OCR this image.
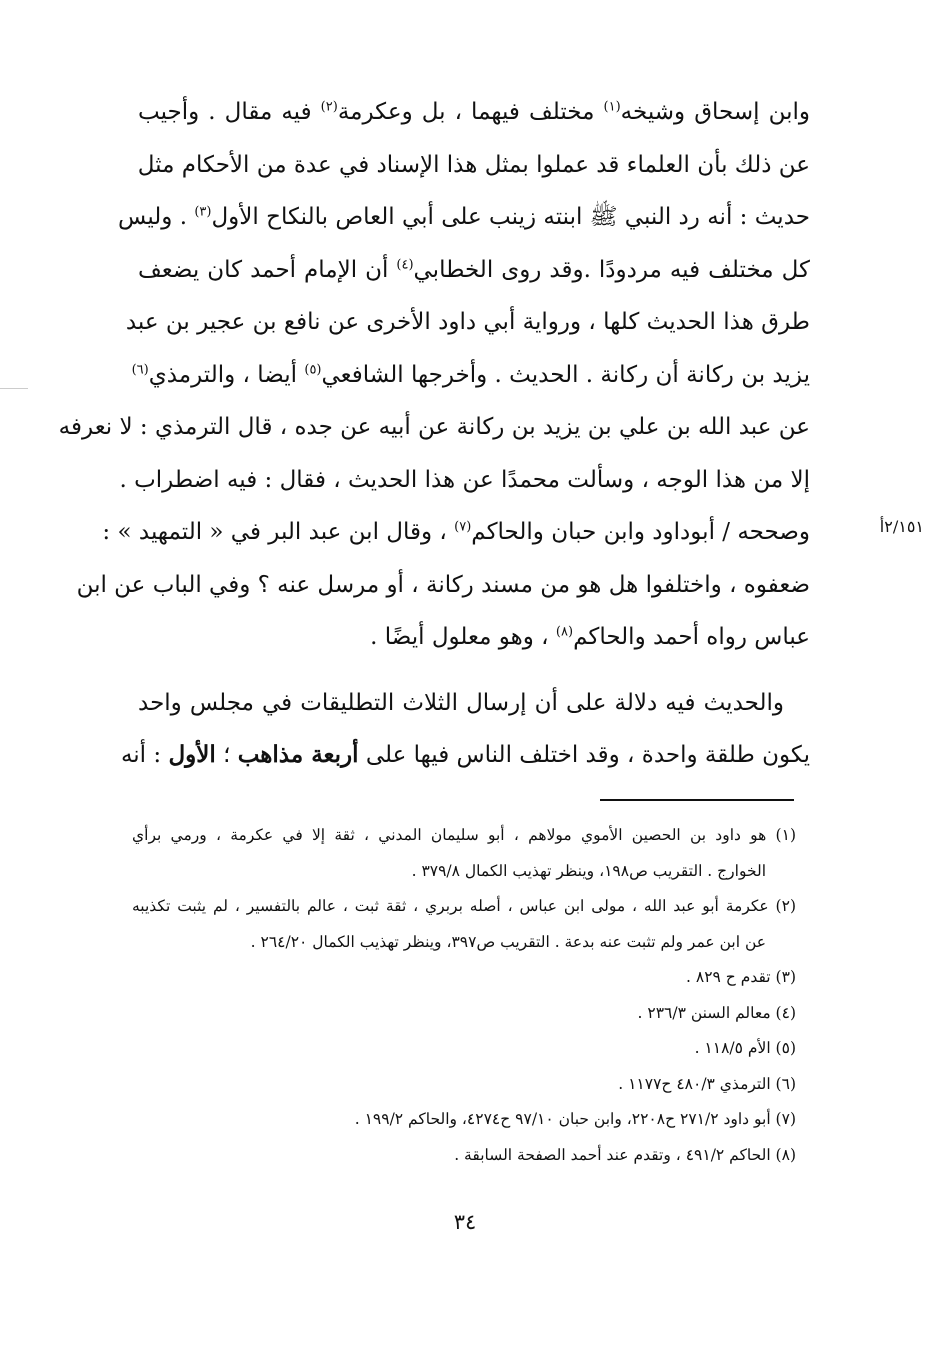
وابن إسحاق وشيخه$^{(١)}$ مختلف فيهما ، بل وعكرمة$^{(٢)}$ فيه مقال . وأجيب
عن ذلك بأن العلماء قد عملوا بمثل هذا الإسناد في عدة من الأحكام مثل
حديث : أنه رد النبي ﷺ ابنته زينب على أبي العاص بالنكاح الأول$^{(٣)}$ . وليس
كل مختلف فيه مردودًا .وقد روى الخطابي$^{(٤)}$ أن الإمام أحمد كان يضعف
طرق هذا الحديث كلها ، ورواية أبي داود الأخرى عن نافع بن عجير بن عبد
يزيد بن ركانة أن ركانة . الحديث . وأخرجها الشافعي$^{(٥)}$ أيضا ، والترمذي$^{(٦)}$
عن عبد الله بن علي بن يزيد بن ركانة عن أبيه عن جده ، قال الترمذي : لا نعرفه
إلا من هذا الوجه ، وسألت محمدًا عن هذا الحديث ، فقال : فيه اضطراب .
وصححه / أبوداود وابن حبان والحاكم$^{(٧)}$ ، وقال ابن عبد البر في « التمهيد » :
ضعفوه ، واختلفوا هل هو من مسند ركانة ، أو مرسل عنه ؟ وفي الباب عن ابن
عباس رواه أحمد والحاكم$^{(٨)}$ ، وهو معلول أيضًا .
والحديث فيه دلالة على أن إرسال الثلاث التطليقات في مجلس واحد
يكون طلقة واحدة ، وقد اختلف الناس فيها على أربعة مذاهب ؛ الأول : أنه
٢/١٥١أ
(١) هو داود بن الحصين الأموي مولاهم ، أبو سليمان المدني ، ثقة إلا في عكرمة ، ورمي برأي
الخوارج . التقريب ص١٩٨، وينظر تهذيب الكمال ٣٧٩/٨ .
(٢) عكرمة أبو عبد الله ، مولى ابن عباس ، أصله بربري ، ثقة ثبت ، عالم بالتفسير ، لم يثبت تكذيبه
عن ابن عمر ولم تثبت عنه بدعة . التقريب ص٣٩٧، وينظر تهذيب الكمال ٢٦٤/٢٠ .
(٣) تقدم ح ٨٢٩ .
(٤) معالم السنن ٢٣٦/٣ .
(٥) الأم ١١٨/٥ .
(٦) الترمذي ٤٨٠/٣ ح١١٧٧ .
(٧) أبو داود ٢٧١/٢ ح٢٢٠٨، وابن حبان ٩٧/١٠ ح٤٢٧٤، والحاكم ١٩٩/٢ .
(٨) الحاكم ٤٩١/٢ ، وتقدم عند أحمد الصفحة السابقة .
٣٤
